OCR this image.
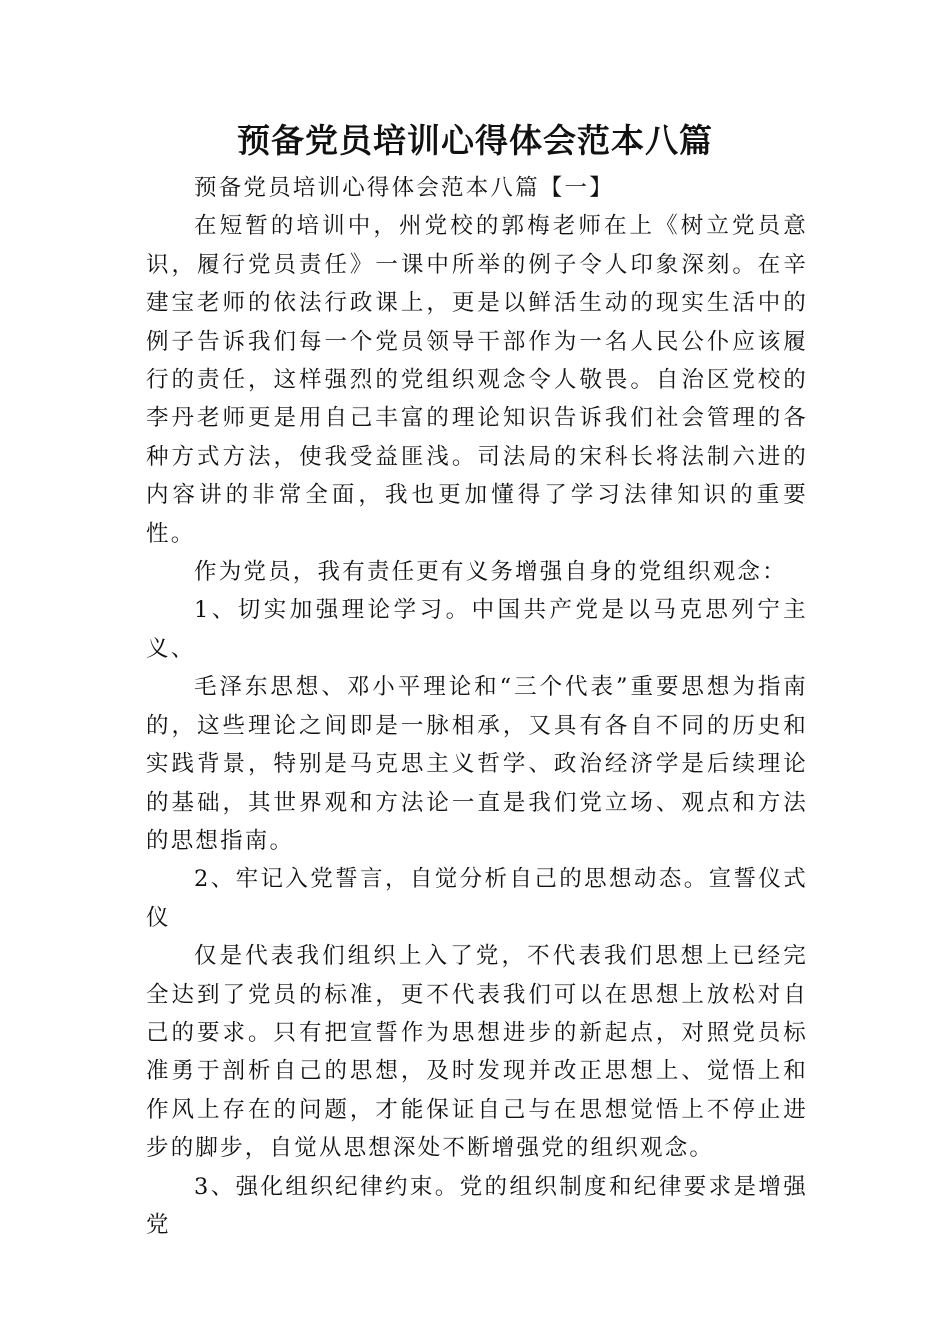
预备党员培训心得体会范本八篇

预备党员培训心得体会范本八篇【一】

在短暂的培训中，州党校的郭梅老师在上《树立党员意识，履行党员责任》一课中所举的例子令人印象深刻。在辛建宝老师的依法行政课上，更是以鲜活生动的现实生活中的例子告诉我们每一个党员领导干部作为一名人民公仆应该履行的责任，这样强烈的党组织观念令人敬畏。自治区党校的李丹老师更是用自己丰富的理论知识告诉我们社会管理的各种方式方法，使我受益匪浅。司法局的宋科长将法制六进的内容讲的非常全面，我也更加懂得了学习法律知识的重要性。

作为党员，我有责任更有义务增强自身的党组织观念：

1、切实加强理论学习。中国共产党是以马克思列宁主义、

毛泽东思想、邓小平理论和“三个代表”重要思想为指南的，这些理论之间即是一脉相承，又具有各自不同的历史和实践背景，特别是马克思主义哲学、政治经济学是后续理论的基础，其世界观和方法论一直是我们党立场、观点和方法的思想指南。

2、牢记入党誓言，自觉分析自己的思想动态。宣誓仪式仪

仅是代表我们组织上入了党，不代表我们思想上已经完全达到了党员的标准，更不代表我们可以在思想上放松对自己的要求。只有把宣誓作为思想进步的新起点，对照党员标准勇于剖析自己的思想，及时发现并改正思想上、觉悟上和作风上存在的问题，才能保证自己与在思想觉悟上不停止进步的脚步，自觉从思想深处不断增强党的组织观念。

3、强化组织纪律约束。党的组织制度和纪律要求是增强党
